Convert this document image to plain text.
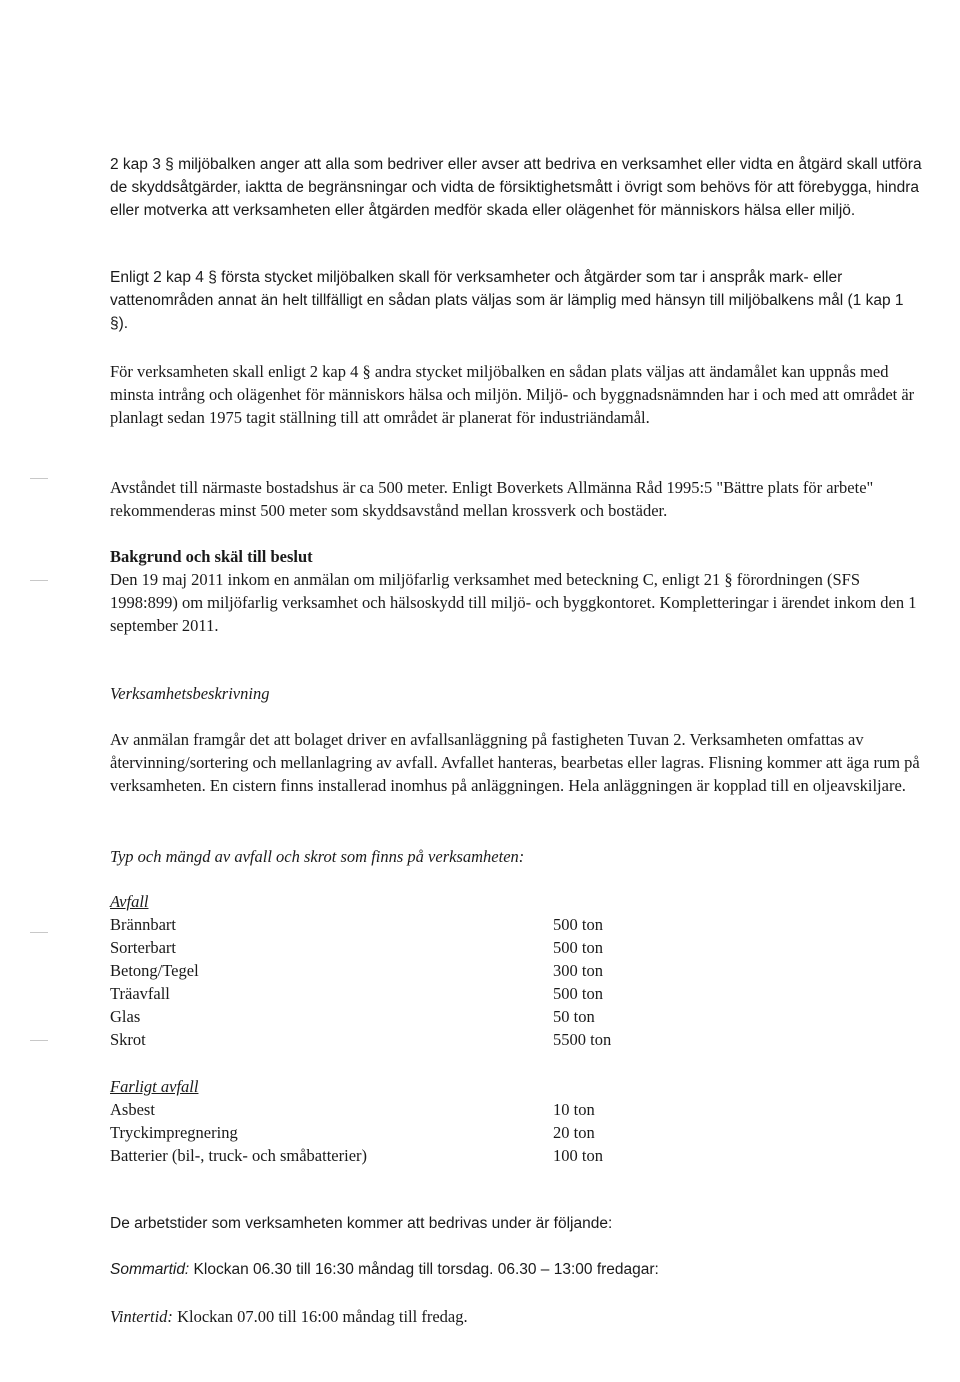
2 kap 3 § miljöbalken anger att alla som bedriver eller avser att bedriva en verksamhet eller vidta en åtgärd skall utföra de skyddsåtgärder, iaktta de begränsningar och vidta de försiktighetsmått i övrigt som behövs för att förebygga, hindra eller motverka att verksamheten eller åtgärden medför skada eller olägenhet för människors hälsa eller miljö.

Enligt 2 kap 4 § första stycket miljöbalken skall för verksamheter och åtgärder som tar i anspråk mark- eller vattenområden annat än helt tillfälligt en sådan plats väljas som är lämplig med hänsyn till miljöbalkens mål (1 kap 1 §).

För verksamheten skall enligt 2 kap 4 § andra stycket miljöbalken en sådan plats väljas att ändamålet kan uppnås med minsta intrång och olägenhet för människors hälsa och miljön. Miljö- och byggnadsnämnden har i och med att området är planlagt sedan 1975 tagit ställning till att området är planerat för industriändamål.

Avståndet till närmaste bostadshus är ca 500 meter. Enligt Boverkets Allmänna Råd 1995:5 "Bättre plats för arbete" rekommenderas minst 500 meter som skyddsavstånd mellan krossverk och bostäder.

Bakgrund och skäl till beslut

Den 19 maj 2011 inkom en anmälan om miljöfarlig verksamhet med beteckning C, enligt 21 § förordningen (SFS 1998:899) om miljöfarlig verksamhet och hälsoskydd till miljö- och byggkontoret. Kompletteringar i ärendet inkom den 1 september 2011.

Verksamhetsbeskrivning

Av anmälan framgår det att bolaget driver en avfallsanläggning på fastigheten Tuvan 2. Verksamheten omfattas av återvinning/sortering och mellanlagring av avfall. Avfallet hanteras, bearbetas eller lagras. Flisning kommer att äga rum på verksamheten. En cistern finns installerad inomhus på anläggningen. Hela anläggningen är kopplad till en oljeavskiljare.

Typ och mängd av avfall och skrot som finns på verksamheten:

Avfall
Brännbart	500 ton
Sorterbart	500 ton
Betong/Tegel	300 ton
Träavfall	500 ton
Glas	50 ton
Skrot	5500 ton
Farligt avfall
Asbest	10 ton
Tryckimpregnering	20 ton
Batterier (bil-, truck- och småbatterier)	100 ton

De arbetstider som verksamheten kommer att bedrivas under är följande:

Sommartid: Klockan 06.30 till 16:30 måndag till torsdag. 06.30 – 13:00 fredagar:

Vintertid: Klockan 07.00 till 16:00 måndag till fredag.
